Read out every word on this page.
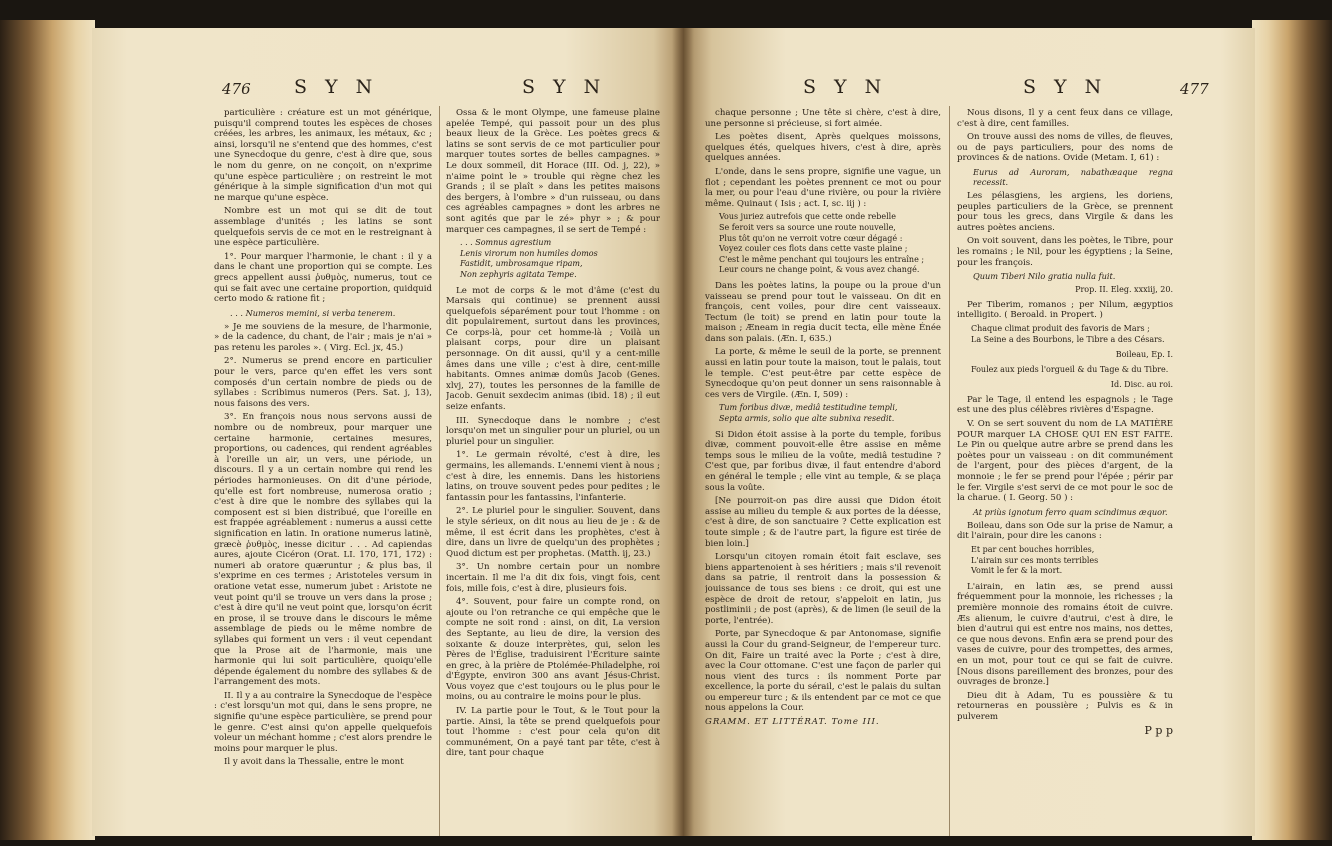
476 S Y N	S Y N

particulière : créature est un mot générique, puisqu'il comprend toutes les espèces de choses créées, les arbres, les animaux, les métaux, &c ; ainsi, lorsqu'il ne s'entend que des hommes, c'est une Synecdoque du genre, c'est à dire que, sous le nom du genre, on ne conçoit, on n'exprime qu'une espèce particulière ; on restreint le mot générique à la simple signification d'un mot qui ne marque qu'une espèce.

Nombre est un mot qui se dit de tout assemblage d'unités ; les latins se sont quelquefois servis de ce mot en le restreignant à une espèce particulière.

1°. Pour marquer l'harmonie, le chant : il y a dans le chant une proportion qui se compte. Les grecs appellent aussi ῥυθμὸς, numerus, tout ce qui se fait avec une certaine proportion, quidquid certo modo & ratione fit ;

. . . Numeros memini, si verba tenerem.

» Je me souviens de la mesure, de l'harmonie, » de la cadence, du chant, de l'air ; mais je n'ai » pas retenu les paroles ». ( Virg. Ecl. jx, 45.)

2°. Numerus se prend encore en particulier pour le vers, parce qu'en effet les vers sont composés d'un certain nombre de pieds ou de syllabes : Scribimus numeros (Pers. Sat. j, 13), nous faisons des vers.

3°. En françois nous nous servons aussi de nombre ou de nombreux, pour marquer une certaine harmonie, certaines mesures, proportions, ou cadences, qui rendent agréables à l'oreille un air, un vers, une période, un discours. Il y a un certain nombre qui rend les périodes harmonieuses. On dit d'une période, qu'elle est fort nombreuse, numerosa oratio ; c'est à dire que le nombre des syllabes qui la composent est si bien distribué, que l'oreille en est frappée agréablement : numerus a aussi cette signification en latin. In oratione numerus latinè, græcè ῥυθμὸς, inesse dicitur . . . Ad capiendas aures, ajoute Cicéron (Orat. LI. 170, 171, 172) : numeri ab oratore quæruntur ; & plus bas, il s'exprime en ces termes ; Aristoteles versum in oratione vetat esse, numerum jubet : Aristote ne veut point qu'il se trouve un vers dans la prose ; c'est à dire qu'il ne veut point que, lorsqu'on écrit en prose, il se trouve dans le discours le même assemblage de pieds ou le même nombre de syllabes qui forment un vers : il veut cependant que la Prose ait de l'harmonie, mais une harmonie qui lui soit particulière, quoiqu'elle dépende également du nombre des syllabes & de l'arrangement des mots.

II. Il y a au contraire la Synecdoque de l'espèce : c'est lorsqu'un mot qui, dans le sens propre, ne signifie qu'une espèce particulière, se prend pour le genre. C'est ainsi qu'on appelle quelquefois voleur un méchant homme ; c'est alors prendre le moins pour marquer le plus.

Il y avoit dans la Thessalie, entre le mont

Ossa & le mont Olympe, une fameuse plaine apelée Tempé, qui passoit pour un des plus beaux lieux de la Grèce. Les poètes grecs & latins se sont servis de ce mot particulier pour marquer toutes sortes de belles campagnes. » Le doux sommeil, dit Horace (III. Od. j, 22), » n'aime point le » trouble qui règne chez les Grands ; il se plaît » dans les petites maisons des bergers, à l'ombre » d'un ruisseau, ou dans ces agréables campagnes » dont les arbres ne sont agités que par le zé» phyr » ; & pour marquer ces campagnes, il se sert de Tempé :

. . . Somnus agrestium
Lenis virorum non humiles domos
Fastidit, umbrosamque ripam,
Non zephyris agitata Tempe.

Le mot de corps & le mot d'âme (c'est du Marsais qui continue) se prennent aussi quelquefois séparément pour tout l'homme : on dit populairement, surtout dans les provinces, Ce corps-là, pour cet homme-là ; Voilà un plaisant corps, pour dire un plaisant personnage. On dit aussi, qu'il y a cent-mille âmes dans une ville ; c'est à dire, cent-mille habitants. Omnes animæ domûs Jacob (Genes. xlvj, 27), toutes les personnes de la famille de Jacob. Genuit sexdecim animas (ibid. 18) ; il eut seize enfants.

III. Synecdoque dans le nombre ; c'est lorsqu'on met un singulier pour un pluriel, ou un pluriel pour un singulier.

1°. Le germain révolté, c'est à dire, les germains, les allemands. L'ennemi vient à nous ; c'est à dire, les ennemis. Dans les historiens latins, on trouve souvent pedes pour pedites ; le fantassin pour les fantassins, l'infanterie.

2°. Le pluriel pour le singulier. Souvent, dans le style sérieux, on dit nous au lieu de je : & de même, il est écrit dans les prophètes, c'est à dire, dans un livre de quelqu'un des prophètes ; Quod dictum est per prophetas. (Matth. ij, 23.)

3°. Un nombre certain pour un nombre incertain. Il me l'a dit dix fois, vingt fois, cent fois, mille fois, c'est à dire, plusieurs fois.

4°. Souvent, pour faire un compte rond, on ajoute ou l'on retranche ce qui empêche que le compte ne soit rond : ainsi, on dit, La version des Septante, au lieu de dire, la version des soixante & douze interprètes, qui, selon les Pères de l'Église, traduisirent l'Écriture sainte en grec, à la prière de Ptolémée-Philadelphe, roi d'Égypte, environ 300 ans avant Jésus-Christ. Vous voyez que c'est toujours ou le plus pour le moins, ou au contraire le moins pour le plus.

IV. La partie pour le Tout, & le Tout pour la partie. Ainsi, la tête se prend quelquefois pour tout l'homme : c'est pour cela qu'on dit communément, On a payé tant par tête, c'est à dire, tant pour chaque

S Y N	S Y N	477

chaque personne ; Une tête si chère, c'est à dire, une personne si précieuse, si fort aimée.

Les poètes disent, Après quelques moissons, quelques étés, quelques hivers, c'est à dire, après quelques années.

L'onde, dans le sens propre, signifie une vague, un flot ; cependant les poètes prennent ce mot ou pour la mer, ou pour l'eau d'une rivière, ou pour la rivière même. Quinaut ( Isis ; act. I, sc. iij ) :

Vous juriez autrefois que cette onde rebelle
Se feroit vers sa source une route nouvelle,
Plus tôt qu'on ne verroit votre cœur dégagé :
Voyez couler ces flots dans cette vaste plaine ;
C'est le même penchant qui toujours les entraîne ;
Leur cours ne change point, & vous avez changé.

Dans les poètes latins, la poupe ou la proue d'un vaisseau se prend pour tout le vaisseau. On dit en françois, cent voiles, pour dire cent vaisseaux. Tectum (le toit) se prend en latin pour toute la maison ; Æneam in regia ducit tecta, elle mène Énée dans son palais. (Æn. I, 635.)

La porte, & même le seuil de la porte, se prennent aussi en latin pour toute la maison, tout le palais, tout le temple. C'est peut-être par cette espèce de Synecdoque qu'on peut donner un sens raisonnable à ces vers de Virgile. (Æn. I, 509) :

Tum foribus divæ, mediâ testitudine templi,
Septa armis, solio que alte subnixa resedit.

Si Didon étoit assise à la porte du temple, foribus divæ, comment pouvoit-elle être assise en même temps sous le milieu de la voûte, mediâ testudine ? C'est que, par foribus divæ, il faut entendre d'abord en général le temple ; elle vint au temple, & se plaça sous la voûte.

[Ne pourroit-on pas dire aussi que Didon étoit assise au milieu du temple & aux portes de la déesse, c'est à dire, de son sanctuaire ? Cette explication est toute simple ; & de l'autre part, la figure est tirée de bien loin.]

Lorsqu'un citoyen romain étoit fait esclave, ses biens appartenoient à ses héritiers ; mais s'il revenoit dans sa patrie, il rentroit dans la possession & jouissance de tous ses biens : ce droit, qui est une espèce de droit de retour, s'appeloit en latin, jus postliminii ; de post (après), & de limen (le seuil de la porte, l'entrée).

Porte, par Synecdoque & par Antonomase, signifie aussi la Cour du grand-Seigneur, de l'empereur turc. On dit, Faire un traité avec la Porte ; c'est à dire, avec la Cour ottomane. C'est une façon de parler qui nous vient des turcs : ils nomment Porte par excellence, la porte du sérail, c'est le palais du sultan ou empereur turc ; & ils entendent par ce mot ce que nous appelons la Cour.

GRAMM. ET LITTÉRAT. Tome III.

Nous disons, Il y a cent feux dans ce village, c'est à dire, cent familles.

On trouve aussi des noms de villes, de fleuves, ou de pays particuliers, pour des noms de provinces & de nations. Ovide (Metam. I, 61) :

Eurus ad Auroram, nabathæaque regna recessit.

Les pélasgiens, les argiens, les doriens, peuples particuliers de la Grèce, se prennent pour tous les grecs, dans Virgile & dans les autres poètes anciens.

On voit souvent, dans les poètes, le Tibre, pour les romains ; le Nil, pour les égyptiens ; la Seine, pour les françois.

Quum Tiberi Nilo gratia nulla fuit.
Prop. II. Eleg. xxxiij, 20.

Per Tiberim, romanos ; per Nilum, ægyptios intelligito. ( Beroald. in Propert. )

Chaque climat produit des favoris de Mars ;
La Seine a des Bourbons, le Tibre a des Césars.
Boileau, Ep. I.
Foulez aux pieds l'orgueil & du Tage & du Tibre.
Id. Disc. au roi.

Par le Tage, il entend les espagnols ; le Tage est une des plus célèbres rivières d'Espagne.

V. On se sert souvent du nom de LA MATIÈRE POUR marquer LA CHOSE QUI EN EST FAITE. Le Pin ou quelque autre arbre se prend dans les poètes pour un vaisseau : on dit communément de l'argent, pour des pièces d'argent, de la monnoie ; le fer se prend pour l'épée ; périr par le fer. Virgile s'est servi de ce mot pour le soc de la charue. ( I. Georg. 50 ) :

At priùs ignotum ferro quam scindimus æquor.

Boileau, dans son Ode sur la prise de Namur, a dit l'airain, pour dire les canons :

Et par cent bouches horribles,
L'airain sur ces monts terribles
Vomit le fer & la mort.

L'airain, en latin æs, se prend aussi fréquemment pour la monnoie, les richesses ; la première monnoie des romains étoit de cuivre. Æs alienum, le cuivre d'autrui, c'est à dire, le bien d'autrui qui est entre nos mains, nos dettes, ce que nous devons. Enfin æra se prend pour des vases de cuivre, pour des trompettes, des armes, en un mot, pour tout ce qui se fait de cuivre. [Nous disons pareillement des bronzes, pour des ouvrages de bronze.]

Dieu dit à Adam, Tu es poussière & tu retourneras en poussière ; Pulvis es & in pulverem

P p p
